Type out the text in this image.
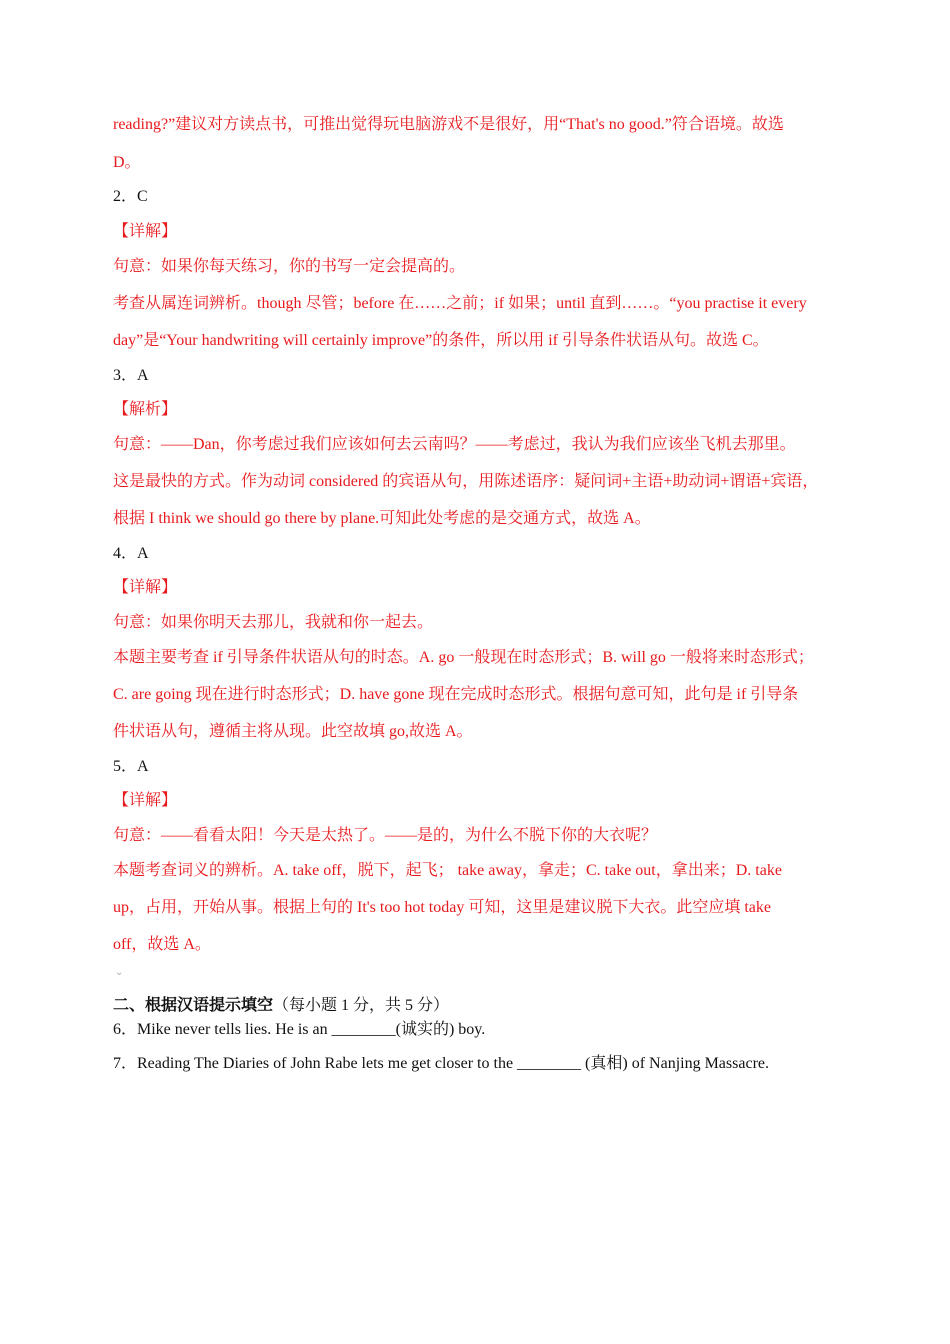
reading?”建议对方读点书，可推出觉得玩电脑游戏不是很好，用“That's no good.”符合语境。故选
D。
2．C
【详解】
句意：如果你每天练习，你的书写一定会提高的。
考查从属连词辨析。though 尽管；before 在……之前；if 如果；until 直到……。“you practise it every
day”是“Your handwriting will certainly improve”的条件，所以用 if 引导条件状语从句。故选 C。
3．A
【解析】
句意：——Dan，你考虑过我们应该如何去云南吗？——考虑过，我认为我们应该坐飞机去那里。
这是最快的方式。作为动词 considered 的宾语从句，用陈述语序：疑问词+主语+助动词+谓语+宾语，
根据 I think we should go there by plane.可知此处考虑的是交通方式，故选 A。
4．A
【详解】
句意：如果你明天去那儿，我就和你一起去。
本题主要考查 if 引导条件状语从句的时态。A. go 一般现在时态形式；B. will go 一般将来时态形式；
C. are going 现在进行时态形式；D. have gone 现在完成时态形式。根据句意可知，此句是 if 引导条
件状语从句，遵循主将从现。此空故填 go,故选 A。
5．A
【详解】
句意：——看看太阳！今天是太热了。——是的，为什么不脱下你的大衣呢？
本题考查词义的辨析。A. take off，脱下，起飞； take away，拿走；C. take out，拿出来；D. take
up，占用，开始从事。根据上句的 It's too hot today 可知，这里是建议脱下大衣。此空应填 take
off，故选 A。
二、根据汉语提示填空（每小题 1 分，共 5 分）
6．Mike never tells lies. He is an ________(诚实的) boy.
7．Reading The Diaries of John Rabe lets me get closer to the ________ (真相) of Nanjing Massacre.
⌄
